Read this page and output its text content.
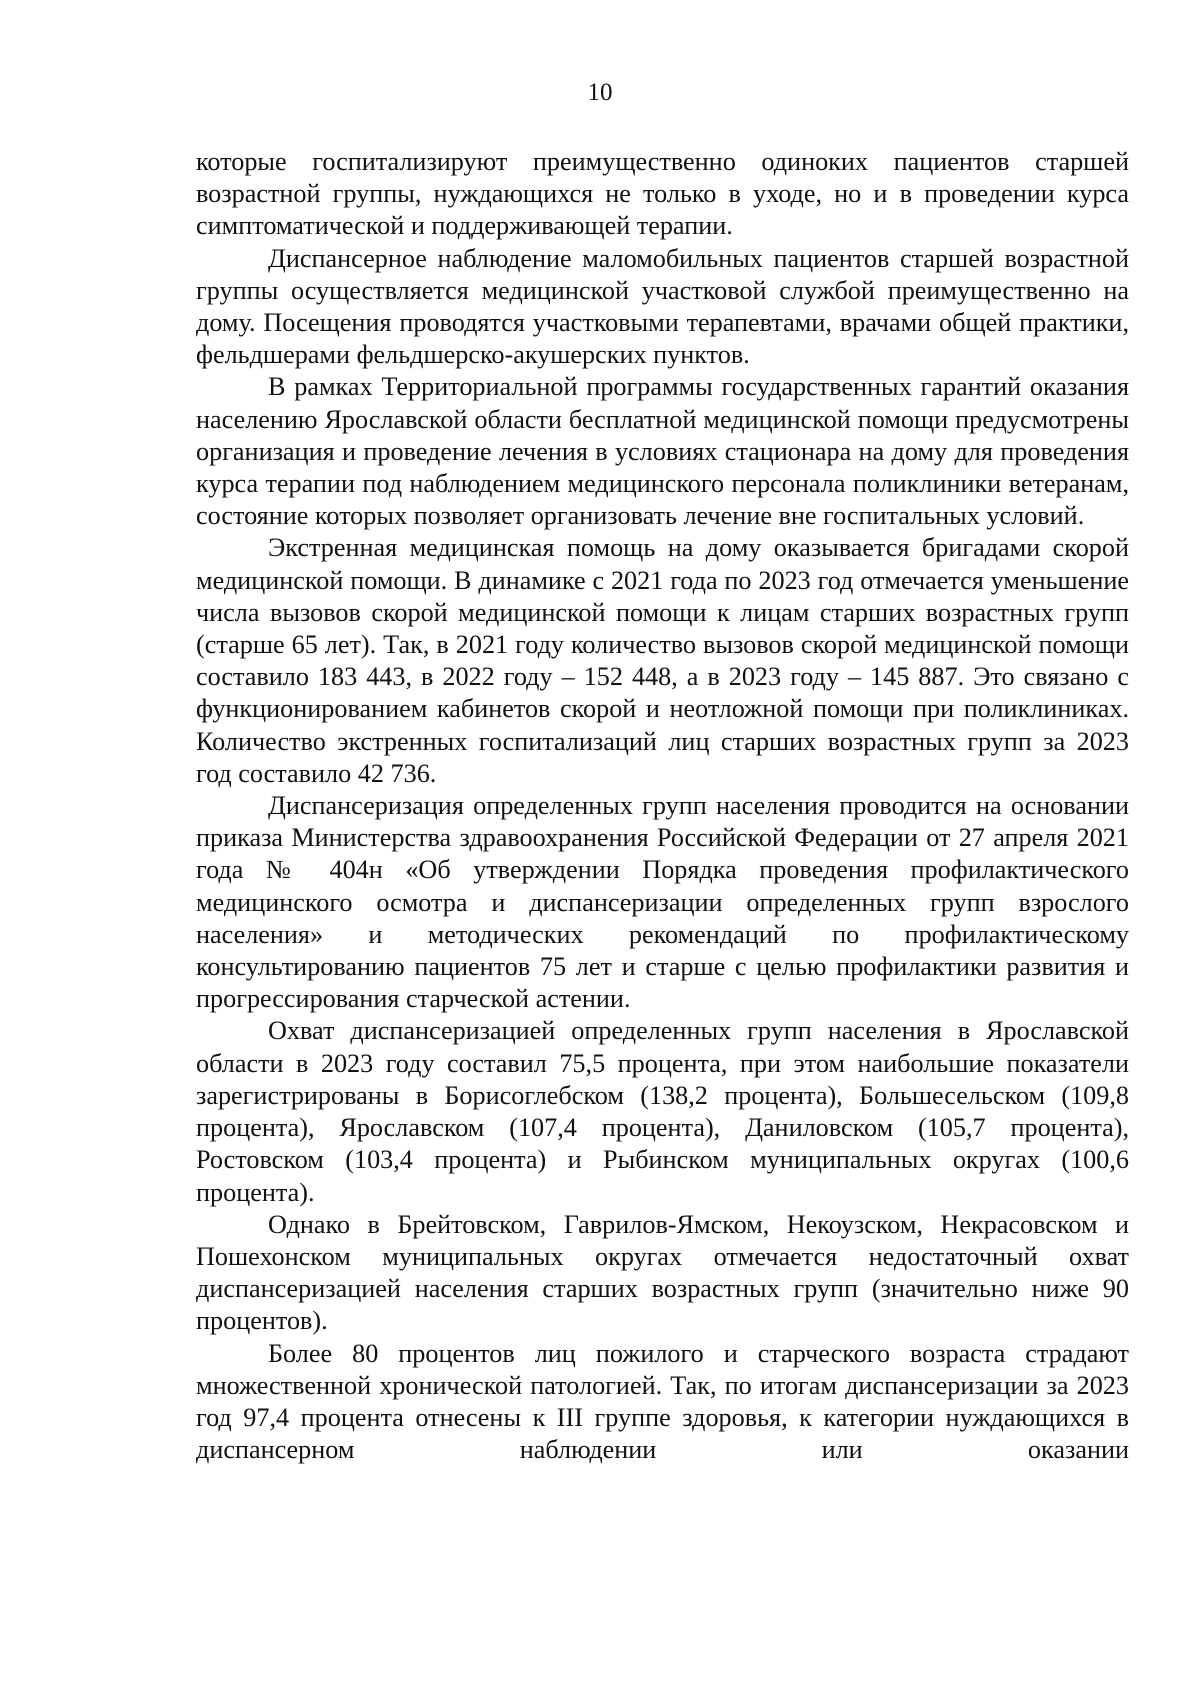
10

которые госпитализируют преимущественно одиноких пациентов старшей возрастной группы, нуждающихся не только в уходе, но и в проведении курса симптоматической и поддерживающей терапии.

Диспансерное наблюдение маломобильных пациентов старшей возрастной группы осуществляется медицинской участковой службой преимущественно на дому. Посещения проводятся участковыми терапевтами, врачами общей практики, фельдшерами фельдшерско-акушерских пунктов.

В рамках Территориальной программы государственных гарантий оказания населению Ярославской области бесплатной медицинской помощи предусмотрены организация и проведение лечения в условиях стационара на дому для проведения курса терапии под наблюдением медицинского персонала поликлиники ветеранам, состояние которых позволяет организовать лечение вне госпитальных условий.

Экстренная медицинская помощь на дому оказывается бригадами скорой медицинской помощи. В динамике с 2021 года по 2023 год отмечается уменьшение числа вызовов скорой медицинской помощи к лицам старших возрастных групп (старше 65 лет). Так, в 2021 году количество вызовов скорой медицинской помощи составило 183 443, в 2022 году – 152 448, а в 2023 году – 145 887. Это связано с функционированием кабинетов скорой и неотложной помощи при поликлиниках. Количество экстренных госпитализаций лиц старших возрастных групп за 2023 год составило 42 736.

Диспансеризация определенных групп населения проводится на основании приказа Министерства здравоохранения Российской Федерации от 27 апреля 2021 года № 404н «Об утверждении Порядка проведения профилактического медицинского осмотра и диспансеризации определенных групп взрослого населения» и методических рекомендаций по профилактическому консультированию пациентов 75 лет и старше с целью профилактики развития и прогрессирования старческой астении.

Охват диспансеризацией определенных групп населения в Ярославской области в 2023 году составил 75,5 процента, при этом наибольшие показатели зарегистрированы в Борисоглебском (138,2 процента), Большесельском (109,8 процента), Ярославском (107,4 процента), Даниловском (105,7 процента), Ростовском (103,4 процента) и Рыбинском муниципальных округах (100,6 процента).

Однако в Брейтовском, Гаврилов-Ямском, Некоузском, Некрасовском и Пошехонском муниципальных округах отмечается недостаточный охват диспансеризацией населения старших возрастных групп (значительно ниже 90 процентов).

Более 80 процентов лиц пожилого и старческого возраста страдают множественной хронической патологией. Так, по итогам диспансеризации за 2023 год 97,4 процента отнесены к III группе здоровья, к категории нуждающихся в диспансерном наблюдении или оказании
